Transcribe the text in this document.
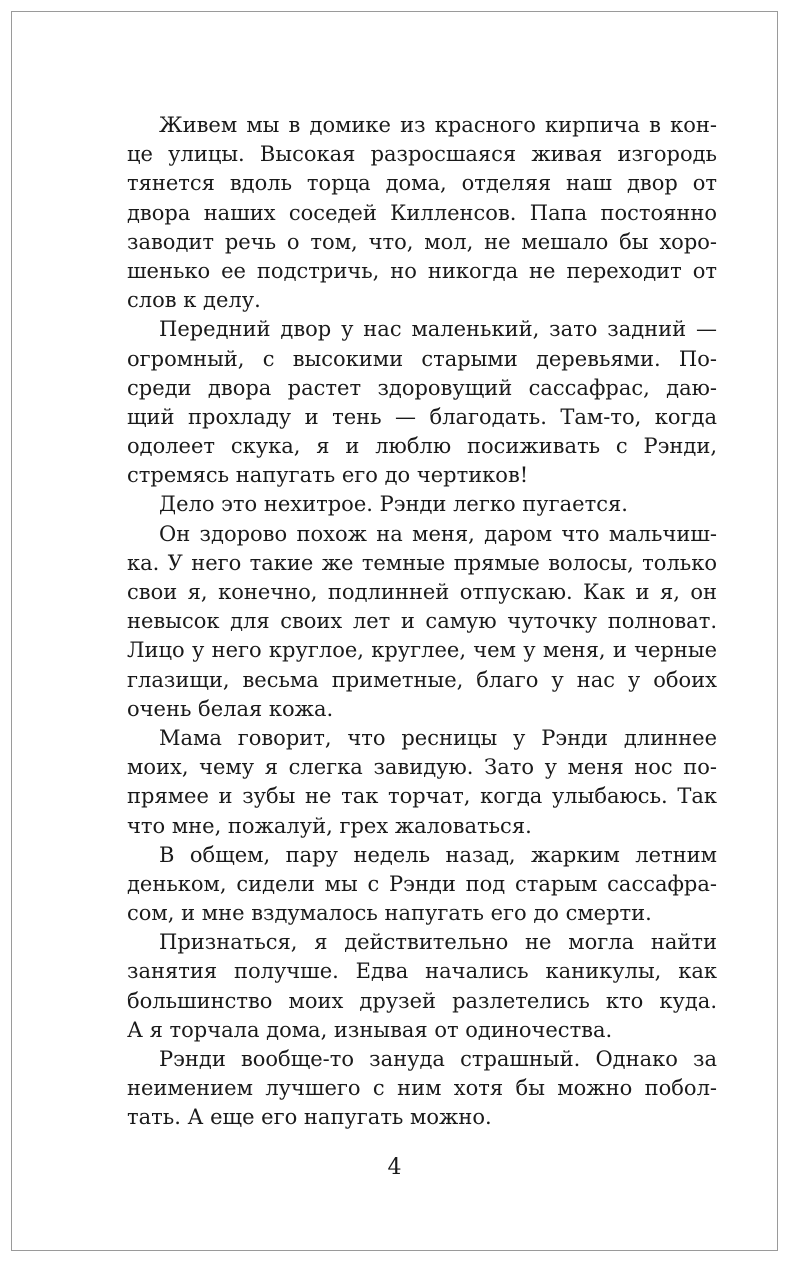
Живем мы в домике из красного кирпича в кон-
це улицы. Высокая разросшаяся живая изгородь
тянется вдоль торца дома, отделяя наш двор от
двора наших соседей Килленсов. Папа постоянно
заводит речь о том, что, мол, не мешало бы хоро-
шенько ее подстричь, но никогда не переходит от
слов к делу.
Передний двор у нас маленький, зато задний —
огромный, с высокими старыми деревьями. По-
среди двора растет здоровущий сассафрас, даю-
щий прохладу и тень — благодать. Там-то, когда
одолеет скука, я и люблю посиживать с Рэнди,
стремясь напугать его до чертиков!
Дело это нехитрое. Рэнди легко пугается.
Он здорово похож на меня, даром что мальчиш-
ка. У него такие же темные прямые волосы, только
свои я, конечно, подлинней отпускаю. Как и я, он
невысок для своих лет и самую чуточку полноват.
Лицо у него круглое, круглее, чем у меня, и черные
глазищи, весьма приметные, благо у нас у обоих
очень белая кожа.
Мама говорит, что ресницы у Рэнди длиннее
моих, чему я слегка завидую. Зато у меня нос по-
прямее и зубы не так торчат, когда улыбаюсь. Так
что мне, пожалуй, грех жаловаться.
В общем, пару недель назад, жарким летним
деньком, сидели мы с Рэнди под старым сассафра-
сом, и мне вздумалось напугать его до смерти.
Признаться, я действительно не могла найти
занятия получше. Едва начались каникулы, как
большинство моих друзей разлетелись кто куда.
А я торчала дома, изнывая от одиночества.
Рэнди вообще-то зануда страшный. Однако за
неимением лучшего с ним хотя бы можно побол-
тать. А еще его напугать можно.
4
